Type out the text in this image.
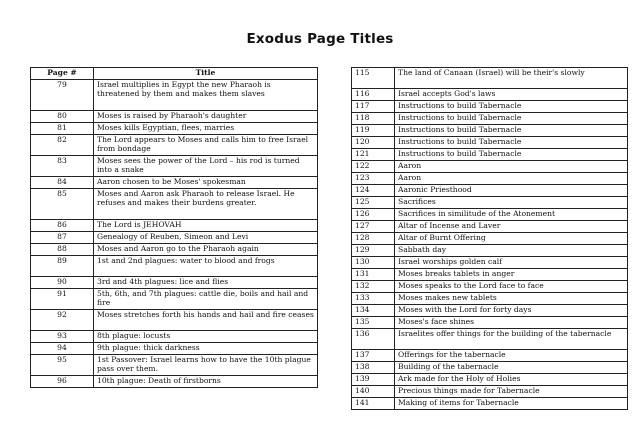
Exodus Page Titles
Page #	Title
79	Israel multiplies in Egypt the new Pharaoh is threatened by them and makes them slaves
80	Moses is raised by Pharaoh's daughter
81	Moses kills Egyptian, flees, marries
82	The Lord appears to Moses and calls him to free Israel from bondage
83	Moses sees the power of the Lord – his rod is turned into a snake
84	Aaron chosen to be Moses' spokesman
85	Moses and Aaron ask Pharaoh to release Israel. He refuses and makes their burdens greater.
86	The Lord is JEHOVAH
87	Genealogy of Reuben, Simeon and Levi
88	Moses and Aaron go to the Pharaoh again
89	1st and 2nd plagues: water to blood and frogs
90	3rd and 4th plagues: lice and flies
91	5th, 6th, and 7th plagues: cattle die, boils and hail and fire
92	Moses stretches forth his hands and hail and fire ceases
93	8th plague: locusts
94	9th plague: thick darkness
95	1st Passover: Israel learns how to have the 10th plague pass over them.
96	10th plague: Death of firstborns
115	The land of Canaan (Israel) will be their's slowly
116	Israel accepts God's laws
117	Instructions to build Tabernacle
118	Instructions to build Tabernacle
119	Instructions to build Tabernacle
120	Instructions to build Tabernacle
121	Instructions to build Tabernacle
122	Aaron
123	Aaron
124	Aaronic Priesthood
125	Sacrifices
126	Sacrifices in similitude of the Atonement
127	Altar of Incense and Laver
128	Altar of Burnt Offering
129	Sabbath day
130	Israel worships golden calf
131	Moses breaks tablets in anger
132	Moses speaks to the Lord face to face
133	Moses makes new tablets
134	Moses with the Lord for forty days
135	Moses's face shines
136	Israelites offer things for the building of the tabernacle
137	Offerings for the tabernacle
138	Building of the tabernacle
139	Ark made for the Holy of Holies
140	Precious things made for Tabernacle
141	Making of items for Tabernacle
